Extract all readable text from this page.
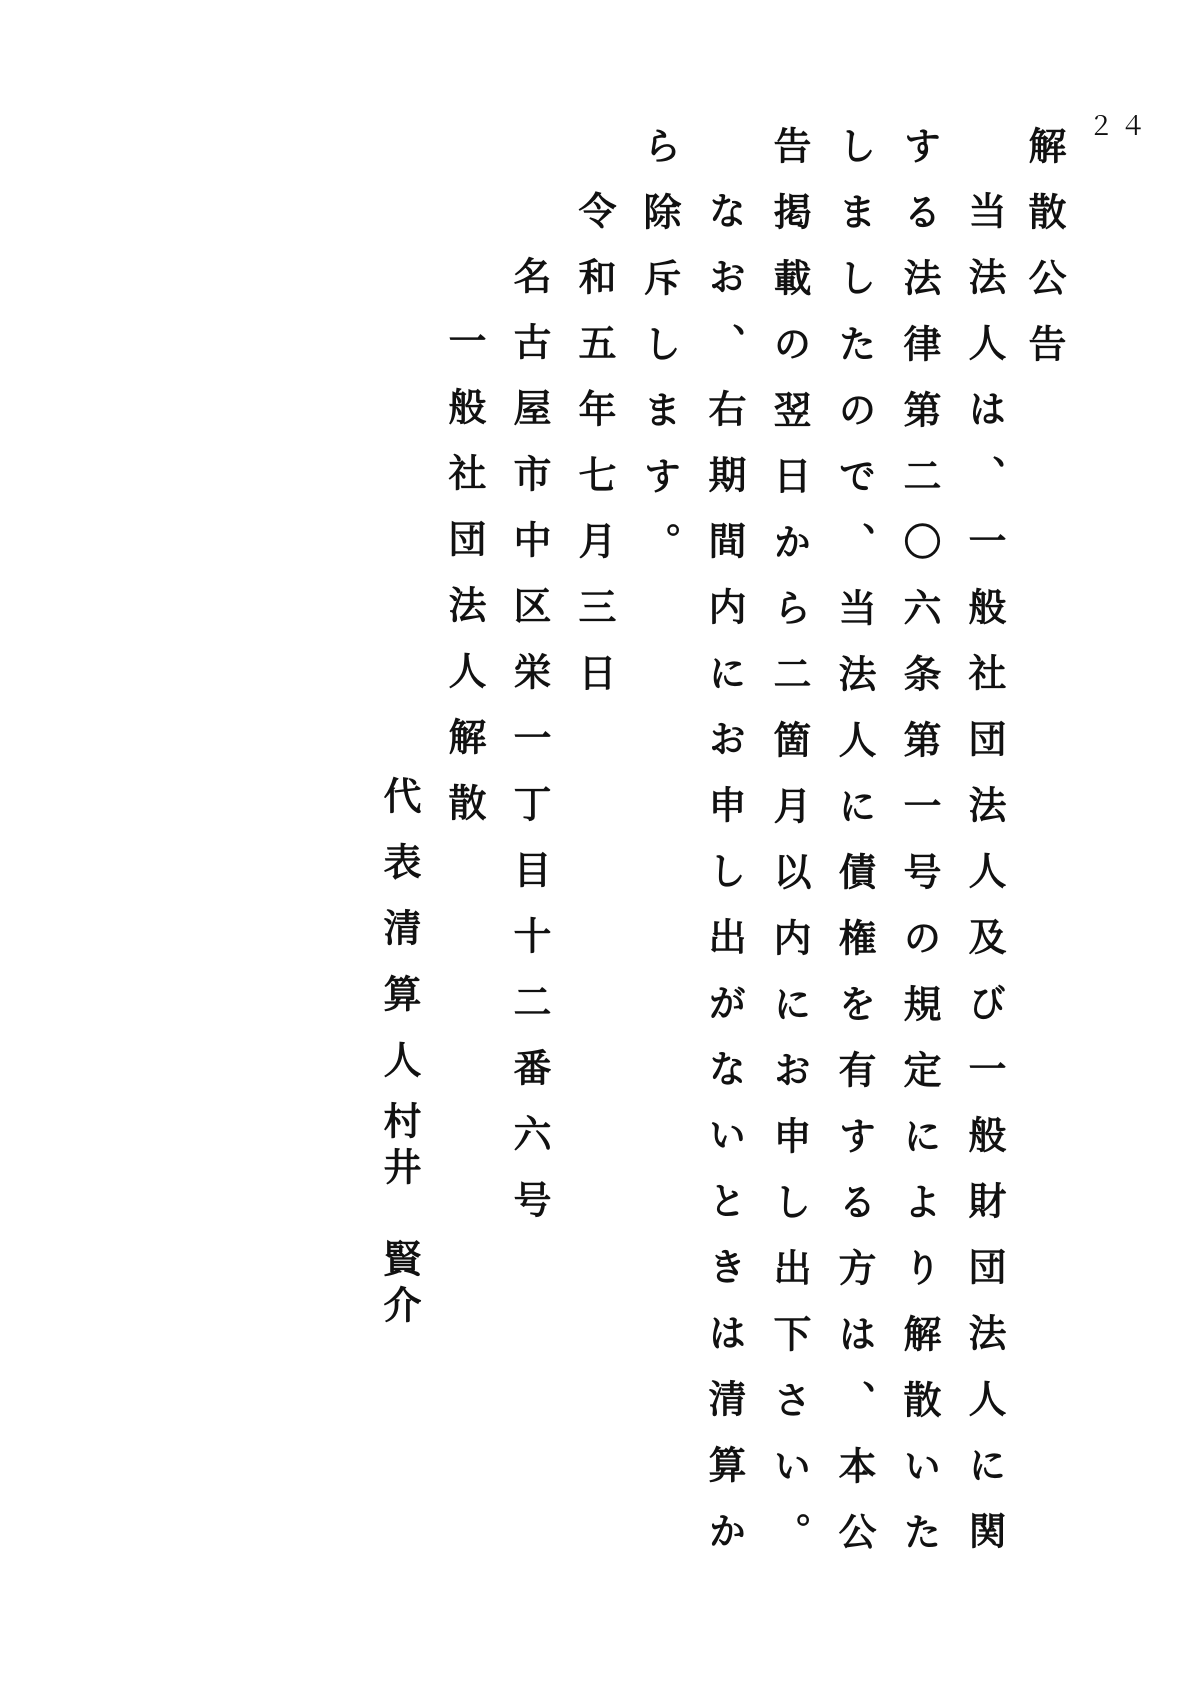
２４
解散公告
当法人は、一般社団法人及び一般財団法人に関
する法律第二〇六条第一号の規定により解散いた
しましたので、当法人に債権を有する方は、本公
告掲載の翌日から二箇月以内にお申し出下さい。
なお、右期間内にお申し出がないときは清算か
ら除斥します。
令和五年七月三日
名古屋市中区栄一丁目十二番六号
一般社団法人解散
代表清算人
村井　賢介
